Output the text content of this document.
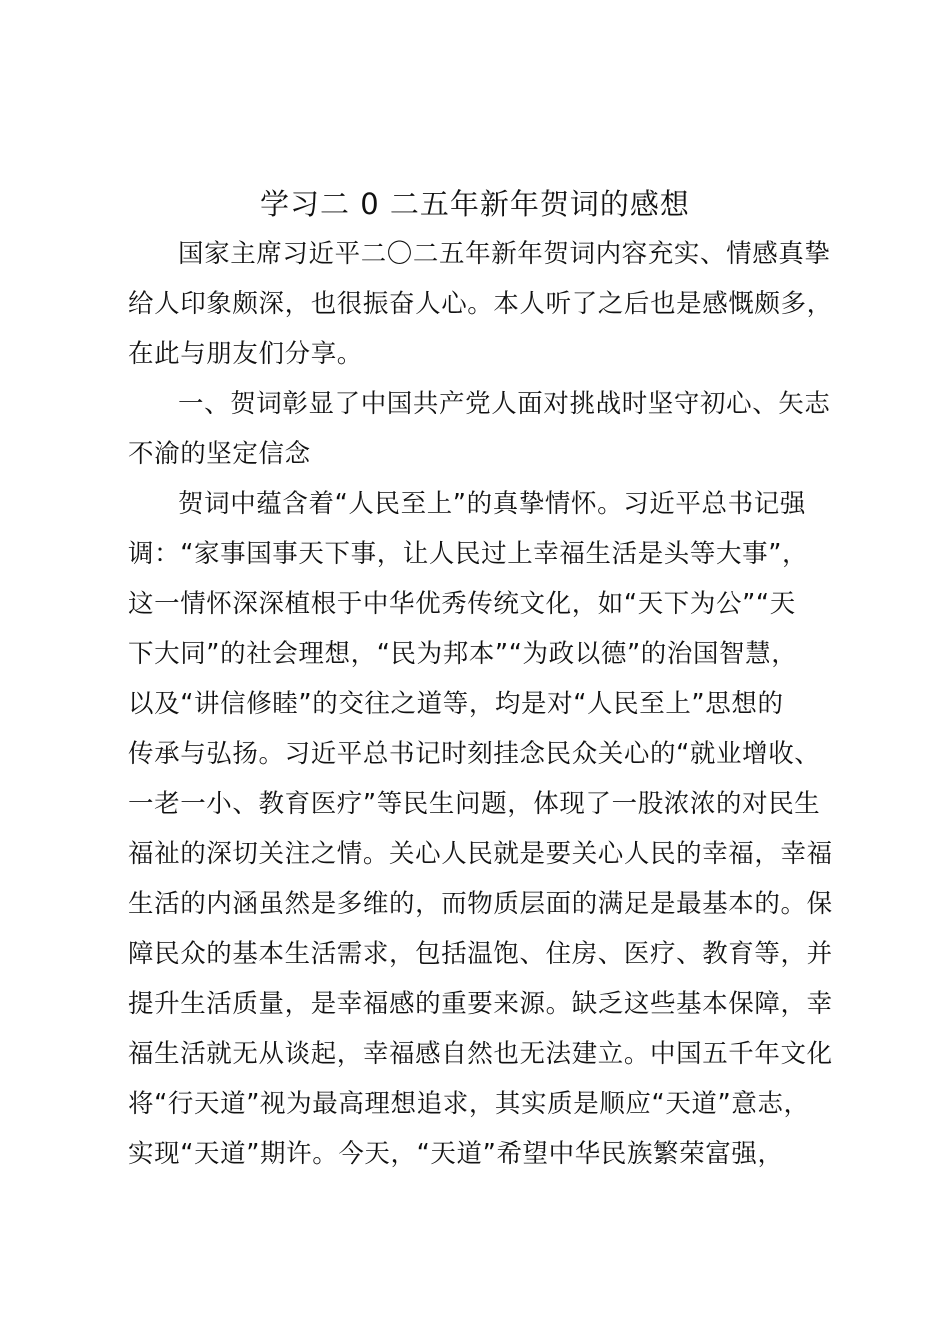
学习二 0 二五年新年贺词的感想
国家主席习近平二〇二五年新年贺词内容充实、情感真挚
给人印象颇深，也很振奋人心。本人听了之后也是感慨颇多，
在此与朋友们分享。
一、贺词彰显了中国共产党人面对挑战时坚守初心、矢志
不渝的坚定信念
贺词中蕴含着“人民至上”的真挚情怀。习近平总书记强
调：“家事国事天下事，让人民过上幸福生活是头等大事”，
这一情怀深深植根于中华优秀传统文化，如“天下为公”“天
下大同”的社会理想，“民为邦本”“为政以德”的治国智慧，
以及“讲信修睦”的交往之道等，均是对“人民至上”思想的
传承与弘扬。习近平总书记时刻挂念民众关心的“就业增收、
一老一小、教育医疗”等民生问题，体现了一股浓浓的对民生
福祉的深切关注之情。关心人民就是要关心人民的幸福，幸福
生活的内涵虽然是多维的，而物质层面的满足是最基本的。保
障民众的基本生活需求，包括温饱、住房、医疗、教育等，并
提升生活质量，是幸福感的重要来源。缺乏这些基本保障，幸
福生活就无从谈起，幸福感自然也无法建立。中国五千年文化
将“行天道”视为最高理想追求，其实质是顺应“天道”意志，
实现“天道”期许。今天，“天道”希望中华民族繁荣富强，
